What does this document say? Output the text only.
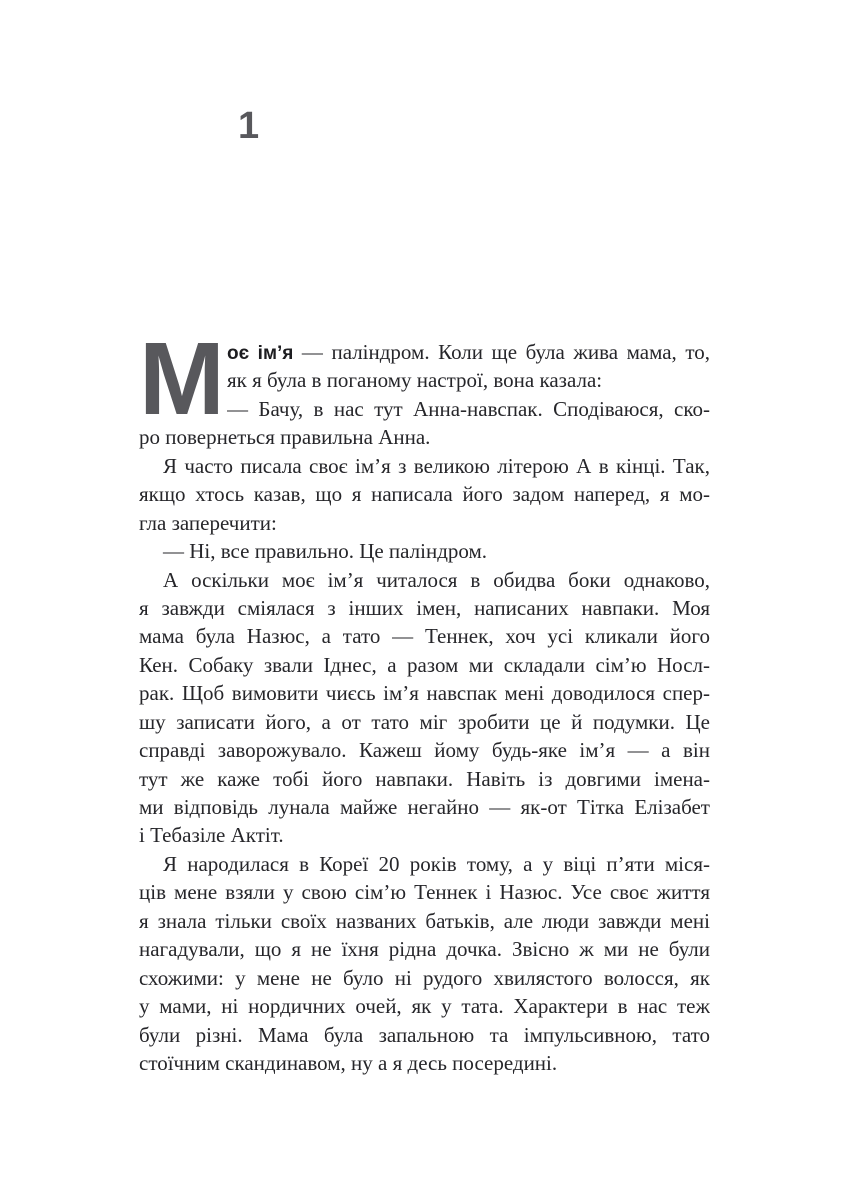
1
М оє ім’я — паліндром. Коли ще була жива мама, то,
як я була в поганому настрої, вона казала:
— Бачу, в нас тут Анна-навспак. Сподіваюся, ско-
ро повернеться правильна Анна.
Я часто писала своє ім’я з великою літерою А в кінці. Так,
якщо хтось казав, що я написала його задом наперед, я мо-
гла заперечити:
— Ні, все правильно. Це паліндром.
А оскільки моє ім’я читалося в обидва боки однаково,
я завжди сміялася з інших імен, написаних навпаки. Моя
мама була Назюс, а тато — Теннек, хоч усі кликали його
Кен. Собаку звали Іднес, а разом ми складали сім’ю Носл-
рак. Щоб вимовити чиєсь ім’я навспак мені доводилося спер-
шу записати його, а от тато міг зробити це й подумки. Це
справді заворожувало. Кажеш йому будь-яке ім’я — а він
тут же каже тобі його навпаки. Навіть із довгими імена-
ми відповідь лунала майже негайно — як-от Тітка Елізабет
і Тебазіле Актіт.
Я народилася в Кореї 20 років тому, а у віці п’яти міся-
ців мене взяли у свою сім’ю Теннек і Назюс. Усе своє життя
я знала тільки своїх названих батьків, але люди завжди мені
нагадували, що я не їхня рідна дочка. Звісно ж ми не були
схожими: у мене не було ні рудого хвилястого волосся, як
у мами, ні нордичних очей, як у тата. Характери в нас теж
були різні. Мама була запальною та імпульсивною, тато
стоїчним скандинавом, ну а я десь посередині.
